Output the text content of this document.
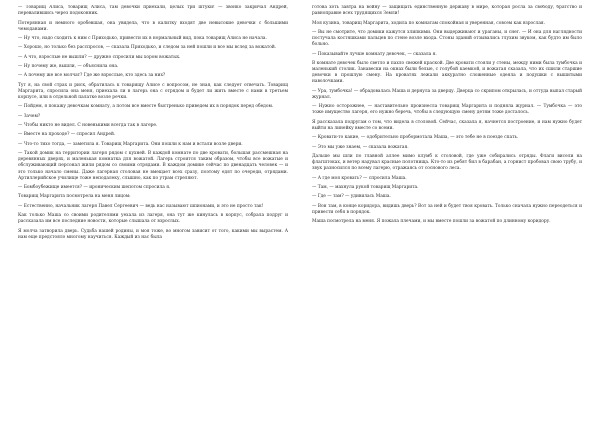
— Товарищ Алиса, товарищ Алиса, там девочки приехали, целых три штуки! — звонко закричал Андрей, перевалившись через подоконник.

Потерянная и немного оробевшая, она увидела, что в калитку входят две невысокие девочки с большими чемоданами.

— Ну что, надо сходить к ним с Приходько, привести их в нормальный вид, пока товарищ Алиса не начала.

— Хорошо, но только без расспросов, — сказала Приходько, и следом за ней пошли и все мы вслед за вожатой.

— А что, взрослые не вышли? — дружно спросили мы хором вожатых.

— Ну почему же, вышли, — объяснила она.

— А почему же все молчат? Где же взрослые, кто здесь за них?

Тут я, на свой страх и риск, обратилась к товарищу Алисе с вопросом, не зная, как следует отвечать. Товарищ Маргарита, спросила она меня, приехала ли в лагерь она с отрядом и будет ли жить вместе с нами в третьем корпусе, или в отдельной палатке возле речки.

— Пойдем, я покажу девочкам комнату, а потом все вместе быстренько приведем их в порядок перед обедом.

— Зачем?

— Чтобы никто не видел. С новенькими всегда так в лагере.

— Вместе на проходе? — спросил Андрей.

— Что-то тихо тогда, — заметила я. Товарищ Маргарита. Они пошли к нам и встали возле двери.

— Такой домик на территории лагеря рядом с кухней. В каждой комнате по две кровати, большая рассмешная на деревянных дверях, и маленькая комнатка для вожатой. Лагерь строится таким образом, чтобы все вожатые и обслуживающий персонал жили рядом со своими отрядами. В каждом домике сейчас по двенадцать человек — и это только начало смены. Даже лагерная столовая не вмещает всех сразу, поэтому едят по очереди, отрядами. Артиллерийское училище тоже неподалеку, слышно, как по утрам стреляют.

— Бомбоубежище имеется? — ироническим шепотом спросила я.

Товарищ Маргарита посмотрела на меня лицом:

— Естественно, начальник лагеря Павел Сергеевич — ведь нас называют шпионами, и это не просто так!

Как только Маша со своими родителями уехала из лагеря, она тут же кинулась в корпус, собрала подруг и рассказала им все последние новости, которые слышала от взрослых.

Я молча затворила дверь. Судьба нашей родины, и моя тоже, во многом зависит от того, какими мы вырастем. А нам еще предстояло многому научиться. Каждый из нас была

готова хоть завтра на войну — защищать единственную державу в мире, которая росла за свободу, братство и равноправие всех трудящихся Земли!

Моя кузина, товарищ Маргарита, ходила по комнатам спокойная и уверенная, совсем как взрослая.

— Вы не смотрите, что домики кажутся хлипкими. Они выдерживают и ураганы, и снег. — И она для наглядности постучала костяшками пальцев по стене возле входа. Стоны зданий отзывались глухим звуком, как будто им было больно.

— Показывайте лучше комнату девочек, — сказала я.

В комнате девочек было светло и пахло свежей краской. Две кровати стояли у стены, между ними была тумбочка и маленький столик. Занавески на окнах были белые, с голубой каемкой, и вожатая сказала, что их сшили старшие девочки в прошлую смену. На кроватях лежали аккуратно сложенные одеяла и подушки с вышитыми наволочками.

— Ура, тумбочка! — обрадовалась Маша и дернула за дверцу. Дверца со скрипом открылась, и оттуда выпал старый журнал.

— Нужно осторожнее, — наставительно произнесла товарищ Маргарита и подняла журнал. — Тумбочка — это тоже имущество лагеря, его нужно беречь, чтобы в следующую смену детям тоже досталось.

Я рассказала подругам о том, что видела в столовой. Сейчас, сказала я, начнется построение, и нам нужно будет выйти на линейку вместе со всеми.

— Кровати-то какие, — одобрительно пробормотала Маша, — это тебе не в поезде спать.

— Это мы уже знаем, — сказала вожатая.

Дальше мы шли по главной аллее мимо клумб к столовой, где уже собирались отряды. Флаги висели на флагштоках, и ветер надувал красные полотнища. Кто-то из ребят бил в барабан, а горнист пробовал свою трубу, и звук разносился по всему лагерю, отражаясь от соснового леса.

— А где моя кровать? — спросила Маша.

— Там, — махнула рукой товарищ Маргарита.

— Где — там? — удивилась Маша.

— Вон там, в конце коридора, видишь дверь? Вот за ней и будет твоя кровать. Только сначала нужно переодеться и привести себя в порядок.

Маша посмотрела на меня. Я пожала плечами, и мы вместе пошли за вожатой по длинному коридору.
